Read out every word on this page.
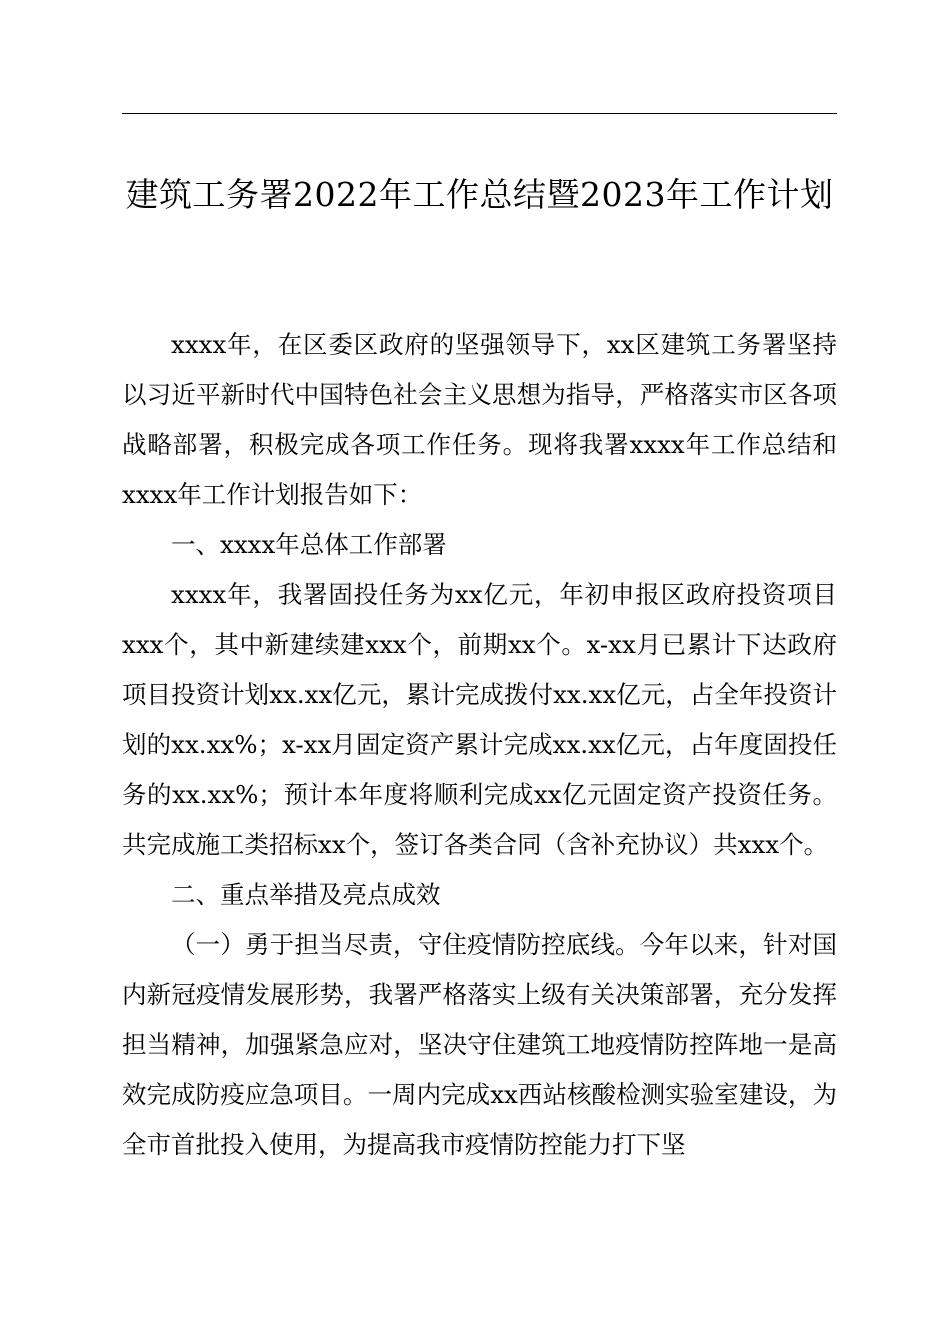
建筑工务署2022年工作总结暨2023年工作计划

xxxx年，在区委区政府的坚强领导下，xx区建筑工务署坚持以习近平新时代中国特色社会主义思想为指导，严格落实市区各项战略部署，积极完成各项工作任务。现将我署xxxx年工作总结和xxxx年工作计划报告如下：

一、xxxx年总体工作部署

xxxx年，我署固投任务为xx亿元，年初申报区政府投资项目xxx个，其中新建续建xxx个，前期xx个。x-xx月已累计下达政府项目投资计划xx.xx亿元，累计完成拨付xx.xx亿元，占全年投资计划的xx.xx%；x-xx月固定资产累计完成xx.xx亿元，占年度固投任务的xx.xx%；预计本年度将顺利完成xx亿元固定资产投资任务。共完成施工类招标xx个，签订各类合同（含补充协议）共xxx个。

二、重点举措及亮点成效

（一）勇于担当尽责，守住疫情防控底线。今年以来，针对国内新冠疫情发展形势，我署严格落实上级有关决策部署，充分发挥担当精神，加强紧急应对，坚决守住建筑工地疫情防控阵地一是高效完成防疫应急项目。一周内完成xx西站核酸检测实验室建设，为全市首批投入使用，为提高我市疫情防控能力打下坚
